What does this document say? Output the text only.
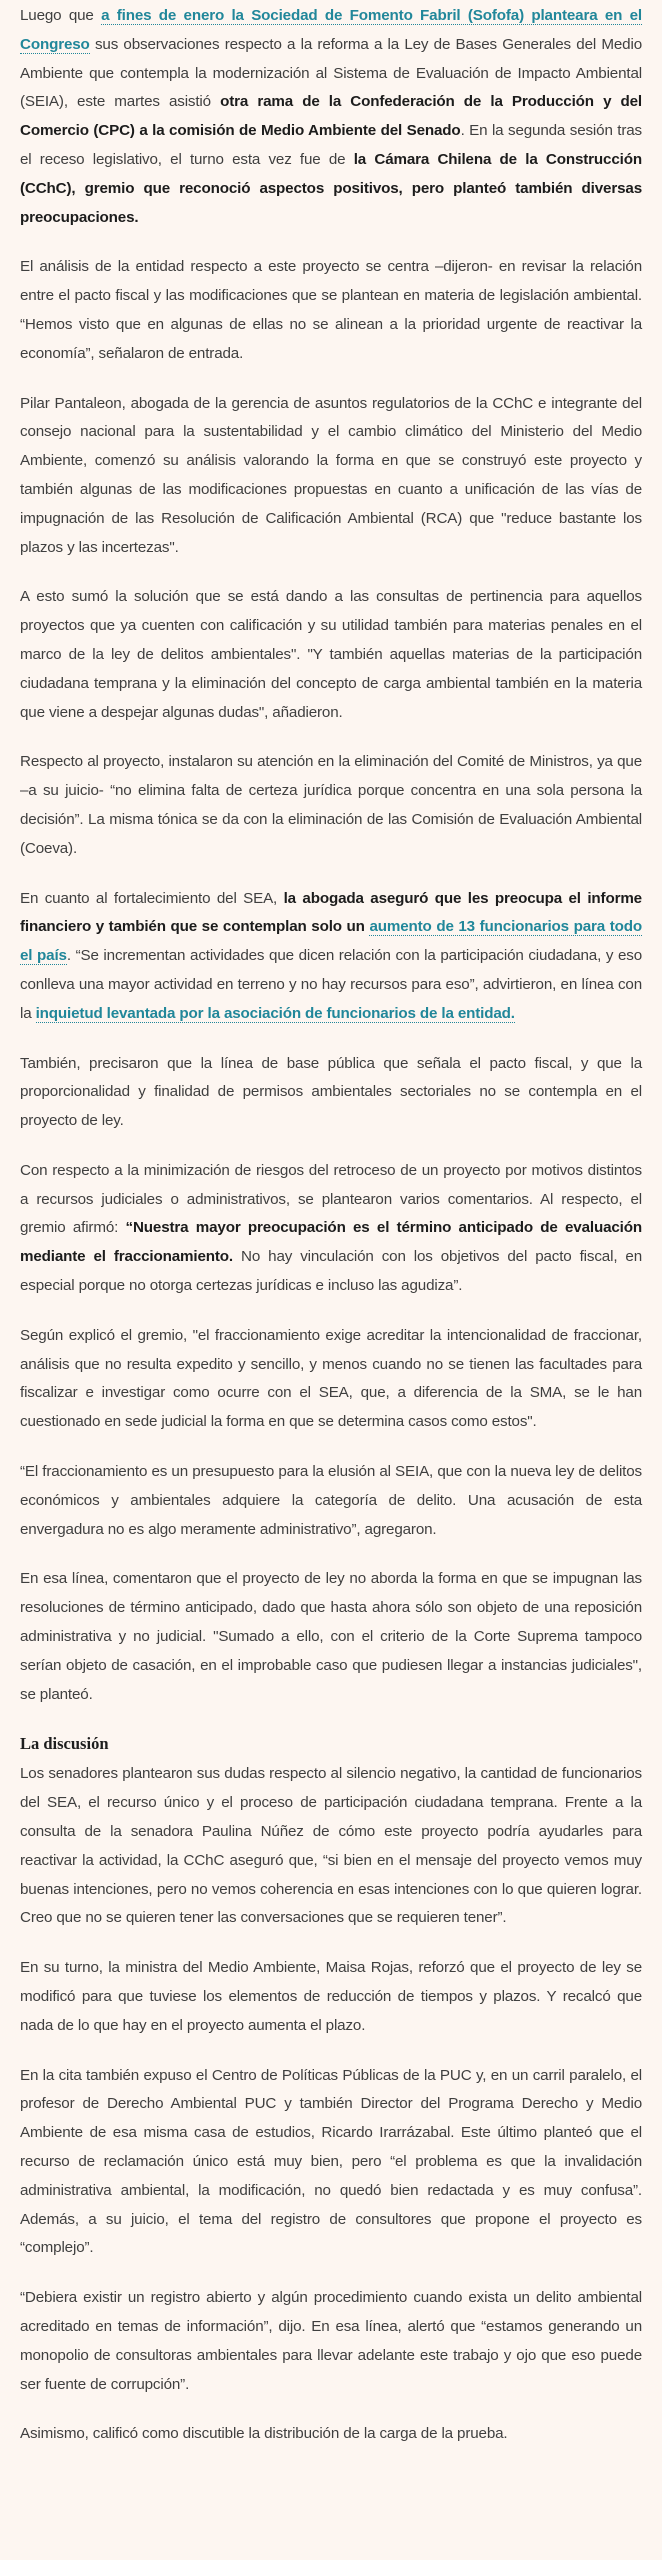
Luego que a fines de enero la Sociedad de Fomento Fabril (Sofofa) planteara en el Congreso sus observaciones respecto a la reforma a la Ley de Bases Generales del Medio Ambiente que contempla la modernización al Sistema de Evaluación de Impacto Ambiental (SEIA), este martes asistió otra rama de la Confederación de la Producción y del Comercio (CPC) a la comisión de Medio Ambiente del Senado. En la segunda sesión tras el receso legislativo, el turno esta vez fue de la Cámara Chilena de la Construcción (CChC), gremio que reconoció aspectos positivos, pero planteó también diversas preocupaciones.

El análisis de la entidad respecto a este proyecto se centra –dijeron- en revisar la relación entre el pacto fiscal y las modificaciones que se plantean en materia de legislación ambiental. “Hemos visto que en algunas de ellas no se alinean a la prioridad urgente de reactivar la economía”, señalaron de entrada.

Pilar Pantaleon, abogada de la gerencia de asuntos regulatorios de la CChC e integrante del consejo nacional para la sustentabilidad y el cambio climático del Ministerio del Medio Ambiente, comenzó su análisis valorando la forma en que se construyó este proyecto y también algunas de las modificaciones propuestas en cuanto a unificación de las vías de impugnación de las Resolución de Calificación Ambiental (RCA) que "reduce bastante los plazos y las incertezas".

A esto sumó la solución que se está dando a las consultas de pertinencia para aquellos proyectos que ya cuenten con calificación y su utilidad también para materias penales en el marco de la ley de delitos ambientales". "Y también aquellas materias de la participación ciudadana temprana y la eliminación del concepto de carga ambiental también en la materia que viene a despejar algunas dudas", añadieron.

Respecto al proyecto, instalaron su atención en la eliminación del Comité de Ministros, ya que –a su juicio- “no elimina falta de certeza jurídica porque concentra en una sola persona la decisión”. La misma tónica se da con la eliminación de las Comisión de Evaluación Ambiental (Coeva).

En cuanto al fortalecimiento del SEA, la abogada aseguró que les preocupa el informe financiero y también que se contemplan solo un aumento de 13 funcionarios para todo el país. “Se incrementan actividades que dicen relación con la participación ciudadana, y eso conlleva una mayor actividad en terreno y no hay recursos para eso”, advirtieron, en línea con la inquietud levantada por la asociación de funcionarios de la entidad.

También, precisaron que la línea de base pública que señala el pacto fiscal, y que la proporcionalidad y finalidad de permisos ambientales sectoriales no se contempla en el proyecto de ley.

Con respecto a la minimización de riesgos del retroceso de un proyecto por motivos distintos a recursos judiciales o administrativos, se plantearon varios comentarios. Al respecto, el gremio afirmó: “Nuestra mayor preocupación es el término anticipado de evaluación mediante el fraccionamiento. No hay vinculación con los objetivos del pacto fiscal, en especial porque no otorga certezas jurídicas e incluso las agudiza”.

Según explicó el gremio, "el fraccionamiento exige acreditar la intencionalidad de fraccionar, análisis que no resulta expedito y sencillo, y menos cuando no se tienen las facultades para fiscalizar e investigar como ocurre con el SEA, que, a diferencia de la SMA, se le han cuestionado en sede judicial la forma en que se determina casos como estos".

“El fraccionamiento es un presupuesto para la elusión al SEIA, que con la nueva ley de delitos económicos y ambientales adquiere la categoría de delito. Una acusación de esta envergadura no es algo meramente administrativo”, agregaron.

En esa línea, comentaron que el proyecto de ley no aborda la forma en que se impugnan las resoluciones de término anticipado, dado que hasta ahora sólo son objeto de una reposición administrativa y no judicial. "Sumado a ello, con el criterio de la Corte Suprema tampoco serían objeto de casación, en el improbable caso que pudiesen llegar a instancias judiciales", se planteó.

La discusión

Los senadores plantearon sus dudas respecto al silencio negativo, la cantidad de funcionarios del SEA, el recurso único y el proceso de participación ciudadana temprana. Frente a la consulta de la senadora Paulina Núñez de cómo este proyecto podría ayudarles para reactivar la actividad, la CChC aseguró que, “si bien en el mensaje del proyecto vemos muy buenas intenciones, pero no vemos coherencia en esas intenciones con lo que quieren lograr. Creo que no se quieren tener las conversaciones que se requieren tener”.

En su turno, la ministra del Medio Ambiente, Maisa Rojas, reforzó que el proyecto de ley se modificó para que tuviese los elementos de reducción de tiempos y plazos. Y recalcó que nada de lo que hay en el proyecto aumenta el plazo.

En la cita también expuso el Centro de Políticas Públicas de la PUC y, en un carril paralelo, el profesor de Derecho Ambiental PUC y también Director del Programa Derecho y Medio Ambiente de esa misma casa de estudios, Ricardo Irarrázabal. Este último planteó que el recurso de reclamación único está muy bien, pero “el problema es que la invalidación administrativa ambiental, la modificación, no quedó bien redactada y es muy confusa”. Además, a su juicio, el tema del registro de consultores que propone el proyecto es “complejo”.

“Debiera existir un registro abierto y algún procedimiento cuando exista un delito ambiental acreditado en temas de información”, dijo. En esa línea, alertó que “estamos generando un monopolio de consultoras ambientales para llevar adelante este trabajo y ojo que eso puede ser fuente de corrupción”.

Asimismo, calificó como discutible la distribución de la carga de la prueba.
